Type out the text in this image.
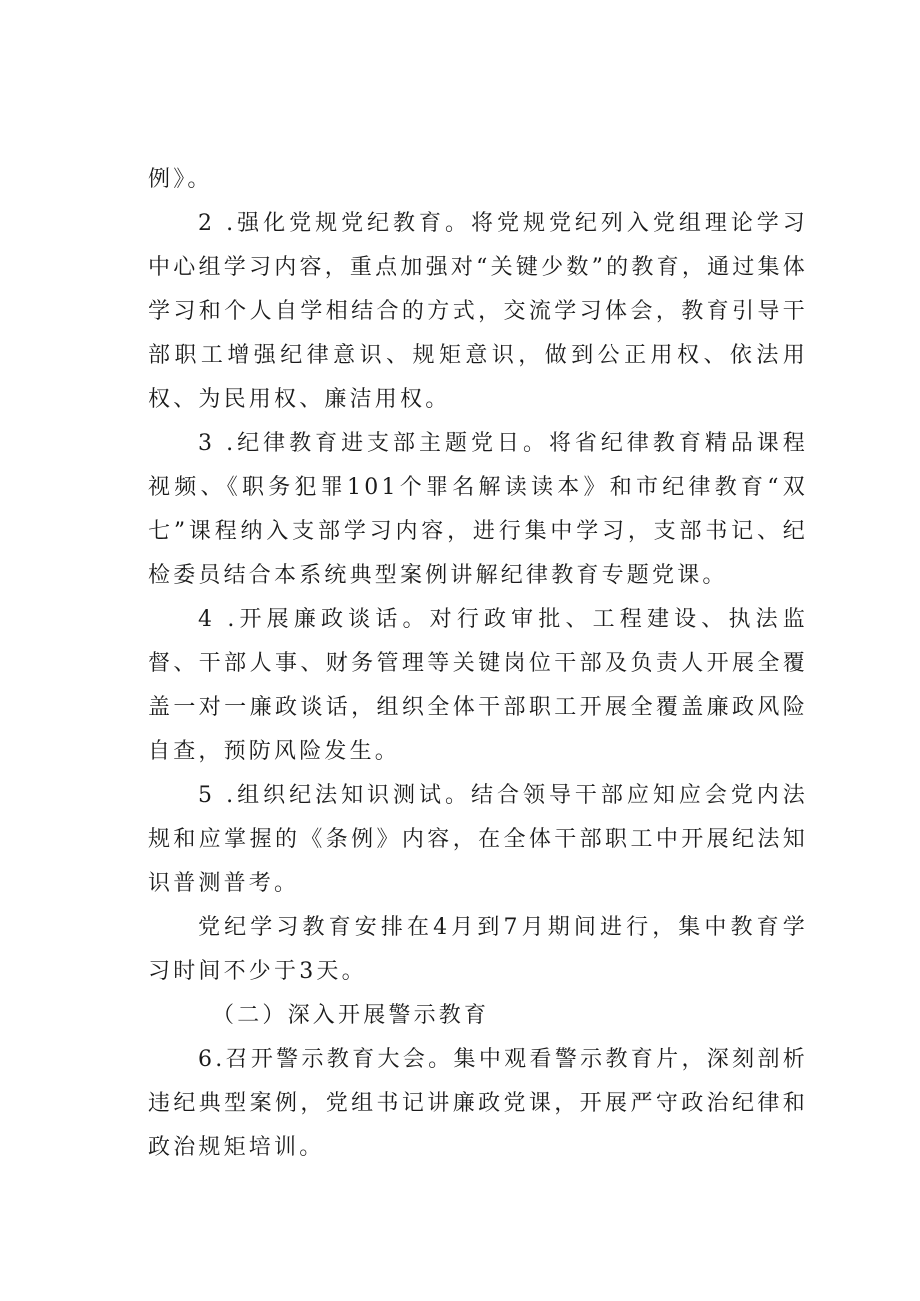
例》。

2 .强化党规党纪教育。将党规党纪列入党组理论学习中心组学习内容，重点加强对“关键少数”的教育，通过集体学习和个人自学相结合的方式，交流学习体会，教育引导干部职工增强纪律意识、规矩意识，做到公正用权、依法用权、为民用权、廉洁用权。

3 .纪律教育进支部主题党日。将省纪律教育精品课程视频、《职务犯罪101个罪名解读读本》和市纪律教育“双七”课程纳入支部学习内容，进行集中学习，支部书记、纪检委员结合本系统典型案例讲解纪律教育专题党课。

4 .开展廉政谈话。对行政审批、工程建设、执法监督、干部人事、财务管理等关键岗位干部及负责人开展全覆盖一对一廉政谈话，组织全体干部职工开展全覆盖廉政风险自查，预防风险发生。

5 .组织纪法知识测试。结合领导干部应知应会党内法规和应掌握的《条例》内容，在全体干部职工中开展纪法知识普测普考。

党纪学习教育安排在4月到7月期间进行，集中教育学习时间不少于3天。

（二）深入开展警示教育

6.召开警示教育大会。集中观看警示教育片，深刻剖析违纪典型案例，党组书记讲廉政党课，开展严守政治纪律和政治规矩培训。
